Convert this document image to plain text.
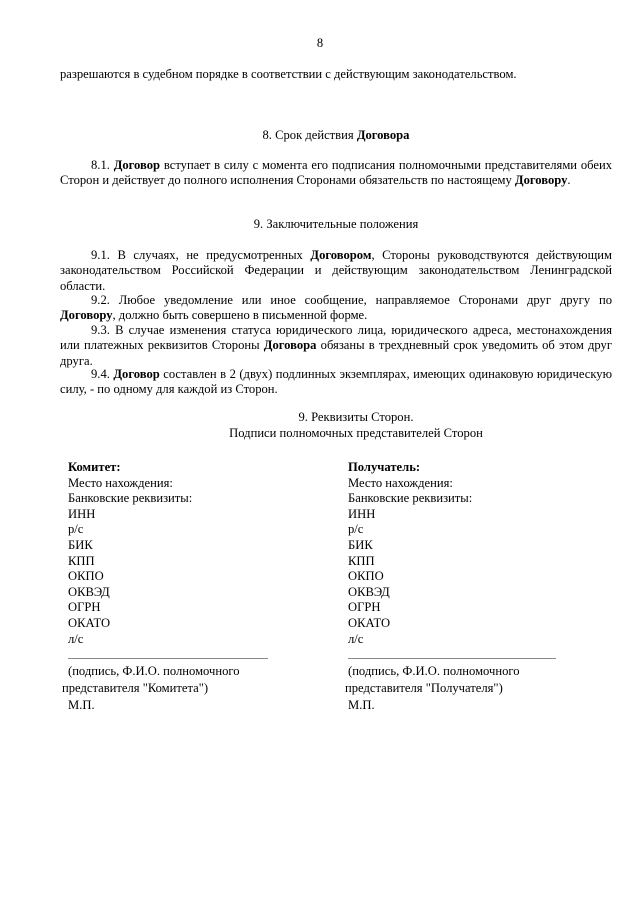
8
разрешаются в судебном порядке в соответствии с действующим законодательством.
8. Срок действия Договора

8.1. Договор вступает в силу с момента его подписания полномочными представителями обеих Сторон и действует до полного исполнения Сторонами обязательств по настоящему Договору.

9. Заключительные положения

9.1. В случаях, не предусмотренных Договором, Стороны руководствуются действующим законодательством Российской Федерации и действующим законодательством Ленинградской области.

9.2. Любое уведомление или иное сообщение, направляемое Сторонами друг другу по Договору, должно быть совершено в письменной форме.

9.3. В случае изменения статуса юридического лица, юридического адреса, местонахождения или платежных реквизитов Стороны Договора обязаны в трехдневный срок уведомить об этом друг друга.

9.4. Договор составлен в 2 (двух) подлинных экземплярах, имеющих одинаковую юридическую силу, - по одному для каждой из Сторон.

9. Реквизиты Сторон.
Подписи полномочных представителей Сторон
Комитет:
Место нахождения:
Банковские реквизиты:
ИНН
р/с
БИК
КПП
ОКПО
ОКВЭД
ОГРН
ОКАТО
л/с
Получатель:
Место нахождения:
Банковские реквизиты:
ИНН
р/с
БИК
КПП
ОКПО
ОКВЭД
ОГРН
ОКАТО
л/с
(подпись, Ф.И.О. полномочного
представителя "Комитета")
М.П.
(подпись, Ф.И.О. полномочного
представителя "Получателя")
М.П.
